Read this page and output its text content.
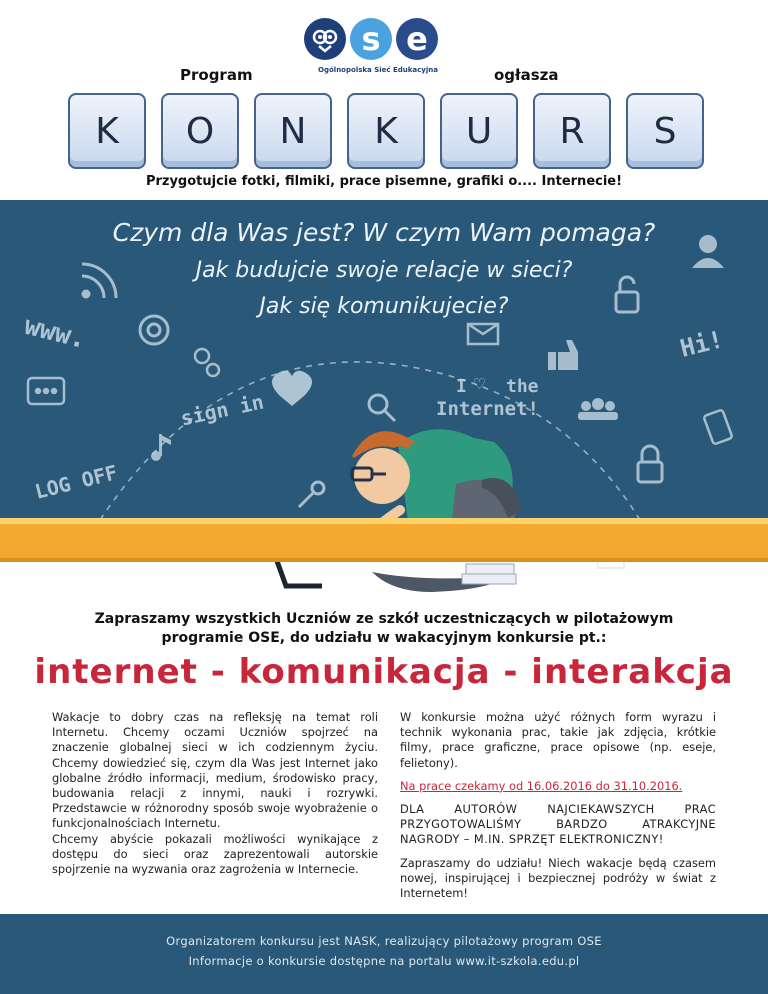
s e
Ogólnopolska Sieć Edukacyjna
Program	ogłasza
K	O	N	K	U	R	S
Przygotujcie fotki, filmiki, prace pisemne, grafiki o.... Internecie!
Czym dla Was jest? W czym Wam pomaga?
Jak budujcie swoje relacje w sieci?
Jak się komunikujecie?
www.
sign in
LOG OFF
Hi!
I ♡ the
Internet!
Zapraszamy wszystkich Uczniów ze szkół uczestniczących w pilotażowym programie OSE, do udziału w wakacyjnym konkursie pt.:
internet - komunikacja - interakcja

Wakacje to dobry czas na refleksję na temat roli Internetu. Chcemy oczami Uczniów spojrzeć na znaczenie globalnej sieci w ich codziennym życiu. Chcemy dowiedzieć się, czym dla Was jest Internet jako globalne źródło informacji, medium, środowisko pracy, budowania relacji z innymi, nauki i rozrywki. Przedstawcie w różnorodny sposób swoje wyobrażenie o funkcjonalnościach Internetu.

Chcemy abyście pokazali możliwości wynikające z dostępu do sieci oraz zaprezentowali autorskie spojrzenie na wyzwania oraz zagrożenia w Internecie.

W konkursie można użyć różnych form wyrazu i technik wykonania prac, takie jak zdjęcia, krótkie filmy, prace graficzne, prace opisowe (np. eseje, felietony).

Na prace czekamy od 16.06.2016 do 31.10.2016.

DLA AUTORÓW NAJCIEKAWSZYCH PRAC PRZYGOTOWALIŚMY BARDZO ATRAKCYJNE NAGRODY – M.IN. SPRZĘT ELEKTRONICZNY!

Zapraszamy do udziału! Niech wakacje będą czasem nowej, inspirującej i bezpiecznej podróży w świat z Internetem!

Organizatorem konkursu jest NASK, realizujący pilotażowy program OSE
Informacje o konkursie dostępne na portalu www.it-szkola.edu.pl
